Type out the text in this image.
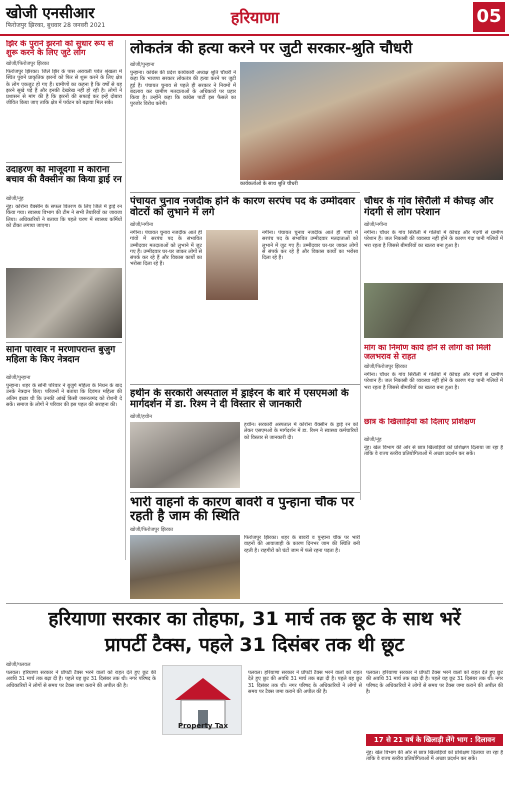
खोजी एनसीआर
फिरोजपुर झिरका, बुधवार 28 जनवरी 2021	हरियाणा	05
झिर के पुराने झरनों को सुधार रूप से शुरू करने के लिए जुटे लोग
खोजी/फिरोजपुर झिरका
फिरोजपुर झिरका। जिले झिर के पास अरावली पर्वत श्रृंखला में स्थित पुराने प्राकृतिक झरनों को फिर से शुरू करने के लिए क्षेत्र के लोग एकजुट हो गए हैं। ग्रामीणों का कहना है कि वर्षों से यह झरने सूखे पड़े हैं और इनकी देखरेख नहीं हो रही है। लोगों ने प्रशासन से मांग की है कि झरनों की सफाई कर इन्हें दोबारा जीवित किया जाए ताकि क्षेत्र में पर्यटन को बढ़ावा मिल सके।
उदाहरण की मौजूदगी में कोरोना बचाव की वैक्सीन का किया ड्राई रन
खोजी/नूंह
नूंह। कोरोना वैक्सीन के सफल वितरण के लिए जिले में ड्राई रन किया गया। स्वास्थ्य विभाग की टीम ने सभी तैयारियों का जायजा लिया। अधिकारियों ने बताया कि पहले चरण में स्वास्थ्य कर्मियों को टीका लगाया जाएगा।
सोनी परिवार ने मरणोपरान्त बुजुर्ग महिला के किए नेत्रदान
खोजी/पुन्हाना
पुन्हाना। शहर के सोनी परिवार ने बुजुर्ग महिला के निधन के बाद उनके नेत्रदान किए। परिजनों ने बताया कि दिवंगत महिला की अंतिम इच्छा थी कि उनकी आंखें किसी जरूरतमंद को रोशनी दे सकें। समाज के लोगों ने परिवार की इस पहल की सराहना की।
लोकतंत्र की हत्या करने पर जुटी सरकार-श्रुति चौधरी
खोजी/पुन्हाना
पुन्हाना। कांग्रेस की प्रदेश कार्यकारी अध्यक्ष श्रुति चौधरी ने कहा कि भाजपा सरकार लोकतंत्र की हत्या करने पर जुटी हुई है। पंचायत चुनाव से पहले ही सरकार ने नियमों में बदलाव कर ग्रामीण मतदाताओं के अधिकारों पर प्रहार किया है। उन्होंने कहा कि कांग्रेस पार्टी इस फैसले का पुरजोर विरोध करेगी।
कार्यकर्ताओं के साथ श्रुति चौधरी
पंचायत चुनाव नजदीक होने के कारण सरपंच पद के उम्मीदवार वोटरों को लुभाने में लगे
खोजी/नगीना
नगीना। पंचायत चुनाव नजदीक आते ही गांवों में सरपंच पद के संभावित उम्मीदवार मतदाताओं को लुभाने में जुट गए हैं। उम्मीदवार घर-घर जाकर लोगों से संपर्क कर रहे हैं और विकास कार्यों का भरोसा दिला रहे हैं।
नगीना। पंचायत चुनाव नजदीक आते ही गांवों में सरपंच पद के संभावित उम्मीदवार मतदाताओं को लुभाने में जुट गए हैं। उम्मीदवार घर-घर जाकर लोगों से संपर्क कर रहे हैं और विकास कार्यों का भरोसा दिला रहे हैं।
चौधर के गांव सिरौली में कीचड़ और गंदगी से लोग परेशान
खोजी/नगीना
नगीना। चौधर के गांव सिरौली में गलियों में कीचड़ और गंदगी से ग्रामीण परेशान हैं। जल निकासी की व्यवस्था नहीं होने के कारण गंदा पानी गलियों में भरा रहता है जिससे बीमारियों का खतरा बना हुआ है।
मांग का निर्माण कार्य होने से लोगों को मिली जलभराव से राहत
खोजी/फिरोजपुर झिरका
नगीना। चौधर के गांव सिरौली में गलियों में कीचड़ और गंदगी से ग्रामीण परेशान हैं। जल निकासी की व्यवस्था नहीं होने के कारण गंदा पानी गलियों में भरा रहता है जिससे बीमारियों का खतरा बना हुआ है।
हथीन के सरकारी अस्पताल में ड्राईरन के बारे में एसएमओ के मार्गदर्शन में डा. रिश्म ने दी विस्तार से जानकारी
खोजी/हथीन
हथीन। सरकारी अस्पताल में कोरोना वैक्सीन के ड्राई रन को लेकर एसएमओ के मार्गदर्शन में डा. रिश्म ने स्वास्थ्य कर्मचारियों को विस्तार से जानकारी दी।
छात्र के खिलाड़ियों को दिलाए प्रशिक्षण
खोजी/नूंह
नूंह। खेल विभाग की ओर से छात्र खिलाड़ियों को प्रशिक्षण दिलाया जा रहा है ताकि वे राज्य स्तरीय प्रतियोगिताओं में अच्छा प्रदर्शन कर सकें।
भारी वाहनों के कारण बावरी व पुन्हाना चौक पर रहती है जाम की स्थिति
खोजी/फिरोजपुर झिरका
फिरोजपुर झिरका। शहर के बावरी व पुन्हाना चौक पर भारी वाहनों की आवाजाही के कारण दिनभर जाम की स्थिति बनी रहती है। राहगीरों को घंटों जाम में फंसे रहना पड़ता है।
हरियाणा सरकार का तोहफा, 31 मार्च तक छूट के साथ भरें
प्रापर्टी टैक्स, पहले 31 दिसंबर तक थी छूट
खोजी/पलवल
पलवल। हरियाणा सरकार ने प्रॉपर्टी टैक्स भरने वालों को राहत देते हुए छूट की अवधि 31 मार्च तक बढ़ा दी है। पहले यह छूट 31 दिसंबर तक थी। नगर परिषद के अधिकारियों ने लोगों से समय पर टैक्स जमा कराने की अपील की है।
Property Tax
पलवल। हरियाणा सरकार ने प्रॉपर्टी टैक्स भरने वालों को राहत देते हुए छूट की अवधि 31 मार्च तक बढ़ा दी है। पहले यह छूट 31 दिसंबर तक थी। नगर परिषद के अधिकारियों ने लोगों से समय पर टैक्स जमा कराने की अपील की है।
पलवल। हरियाणा सरकार ने प्रॉपर्टी टैक्स भरने वालों को राहत देते हुए छूट की अवधि 31 मार्च तक बढ़ा दी है। पहले यह छूट 31 दिसंबर तक थी। नगर परिषद के अधिकारियों ने लोगों से समय पर टैक्स जमा कराने की अपील की है।
17 से 21 वर्ष के खिलाड़ी लेंगे भाग : दिलावन
नूंह। खेल विभाग की ओर से छात्र खिलाड़ियों को प्रशिक्षण दिलाया जा रहा है ताकि वे राज्य स्तरीय प्रतियोगिताओं में अच्छा प्रदर्शन कर सकें।
